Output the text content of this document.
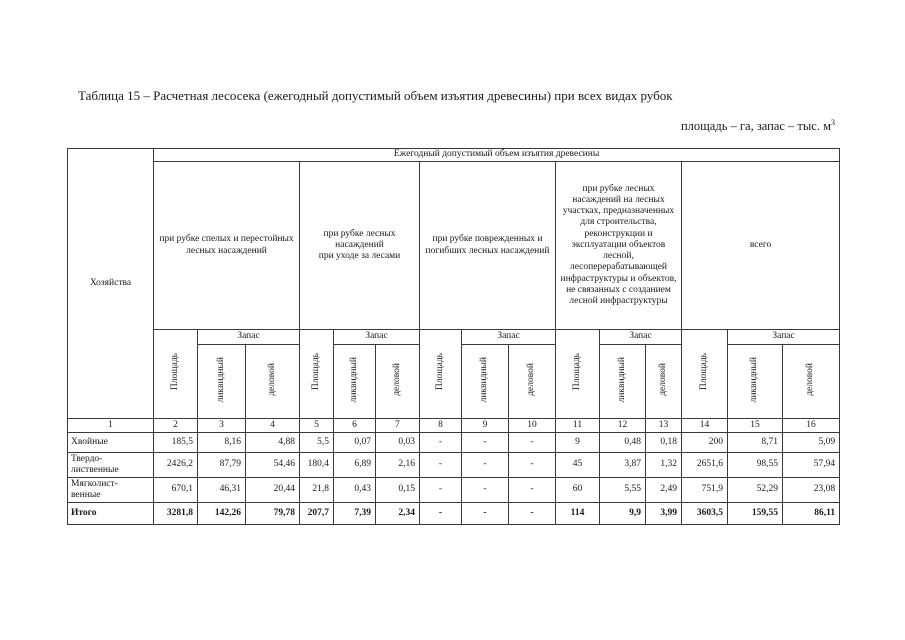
Таблица 15 – Расчетная лесосека (ежегодный допустимый объем изъятия древесины) при всех видах рубок
площадь – га, запас – тыс. $м^3$
Хозяйства	Ежегодный допустимый объем изъятия древесины														
	при рубке спелых и перестойных лесных насаждений			при рубке лесных насаждений
при уходе за лесами			при рубке поврежденных и погибших лесных насаждений			при рубке лесных насаждений на лесных участках, предназначенных для строительства, реконструкции и эксплуатации объектов лесной, лесоперерабатывающей инфраструктуры и объектов, не связанных с созданием лесной инфраструктуры			всего		
	Площадь	Запас		Площадь	Запас		Площадь	Запас		Площадь	Запас		Площадь	Запас	
		ликвидный	деловой		ликвидный	деловой		ликвидный	деловой		ликвидный	деловой		ликвидный	деловой
1	2	3	4	5	6	7	8	9	10	11	12	13	14	15	16
Хвойные	185,5	8,16	4,88	5,5	0,07	0,03	-	-	-	9	0,48	0,18	200	8,71	5,09
Твердо-
лиственные	2426,2	87,79	54,46	180,4	6,89	2,16	-	-	-	45	3,87	1,32	2651,6	98,55	57,94
Мягколист-
венные	670,1	46,31	20,44	21,8	0,43	0,15	-	-	-	60	5,55	2,49	751,9	52,29	23,08
Итого	3281,8	142,26	79,78	207,7	7,39	2,34	-	-	-	114	9,9	3,99	3603,5	159,55	86,11
